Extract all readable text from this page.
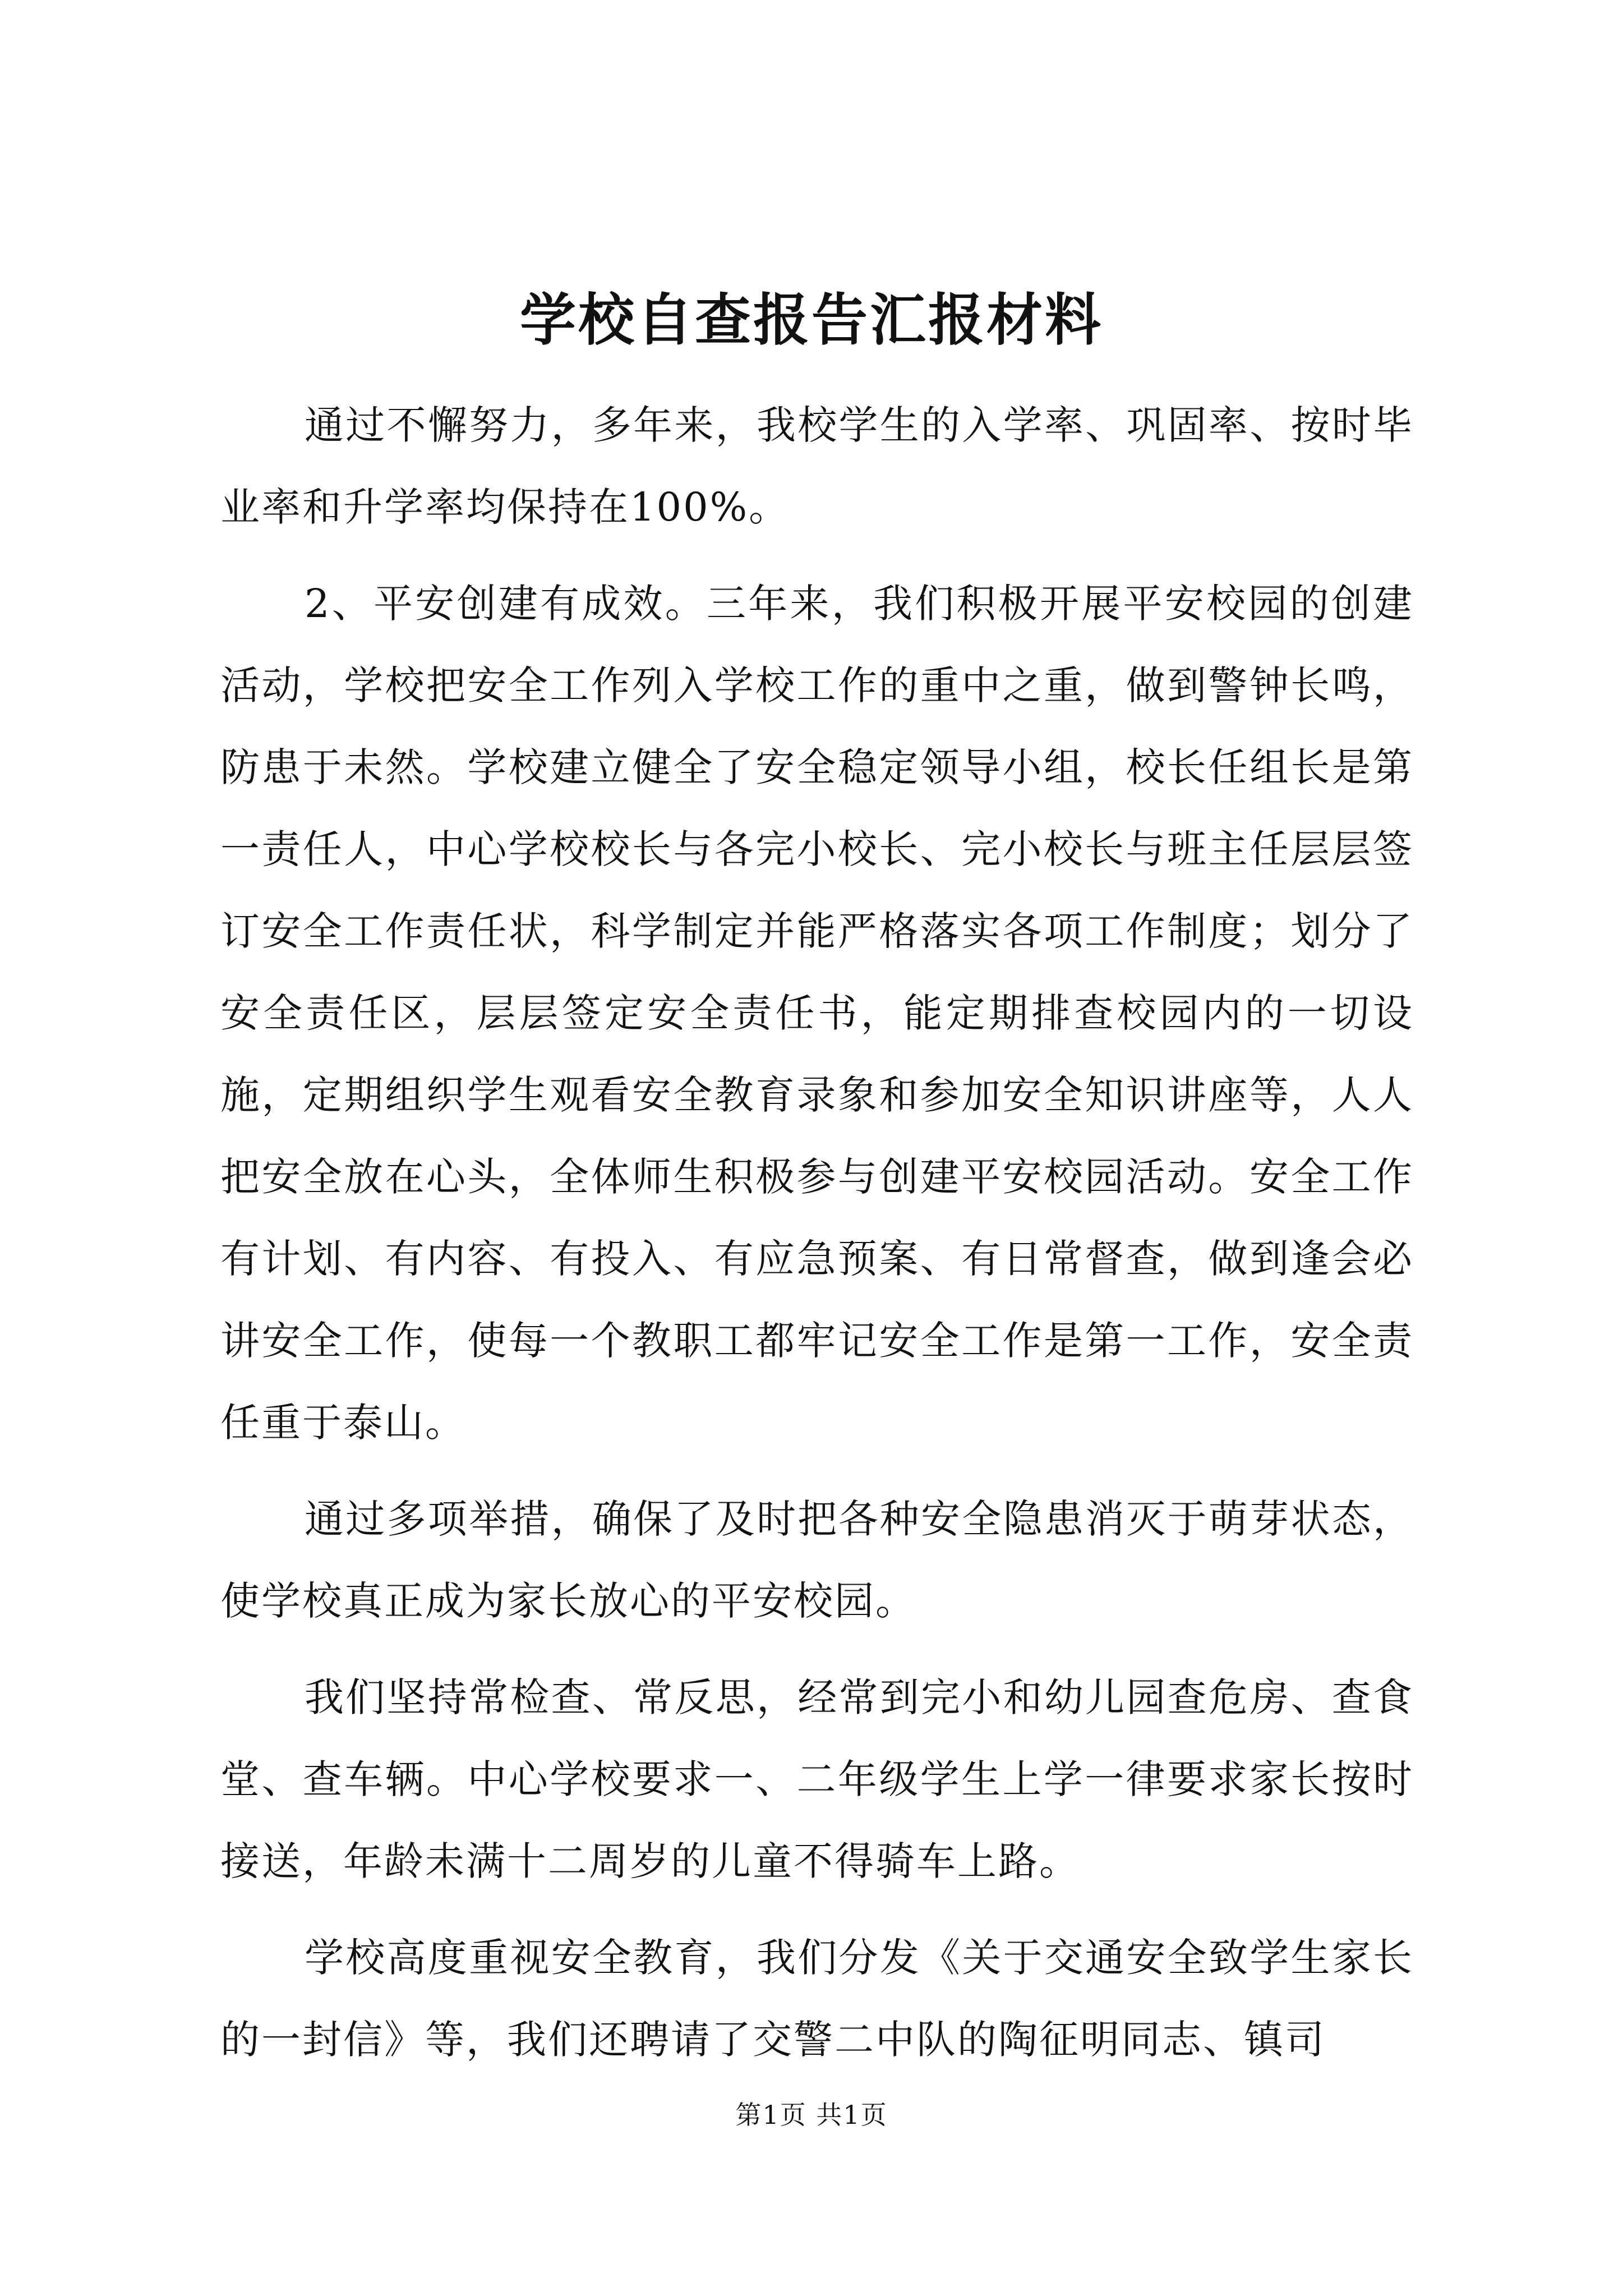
学校自查报告汇报材料

通过不懈努力，多年来，我校学生的入学率、巩固率、按时毕业率和升学率均保持在100%。

2、平安创建有成效。三年来，我们积极开展平安校园的创建活动，学校把安全工作列入学校工作的重中之重，做到警钟长鸣，防患于未然。学校建立健全了安全稳定领导小组，校长任组长是第一责任人，中心学校校长与各完小校长、完小校长与班主任层层签订安全工作责任状，科学制定并能严格落实各项工作制度；划分了安全责任区，层层签定安全责任书，能定期排查校园内的一切设施，定期组织学生观看安全教育录象和参加安全知识讲座等，人人把安全放在心头，全体师生积极参与创建平安校园活动。安全工作有计划、有内容、有投入、有应急预案、有日常督查，做到逢会必讲安全工作，使每一个教职工都牢记安全工作是第一工作，安全责任重于泰山。

通过多项举措，确保了及时把各种安全隐患消灭于萌芽状态，使学校真正成为家长放心的平安校园。

我们坚持常检查、常反思，经常到完小和幼儿园查危房、查食堂、查车辆。中心学校要求一、二年级学生上学一律要求家长按时接送，年龄未满十二周岁的儿童不得骑车上路。

学校高度重视安全教育，我们分发《关于交通安全致学生家长的一封信》等，我们还聘请了交警二中队的陶征明同志、镇司

第1页 共1页
